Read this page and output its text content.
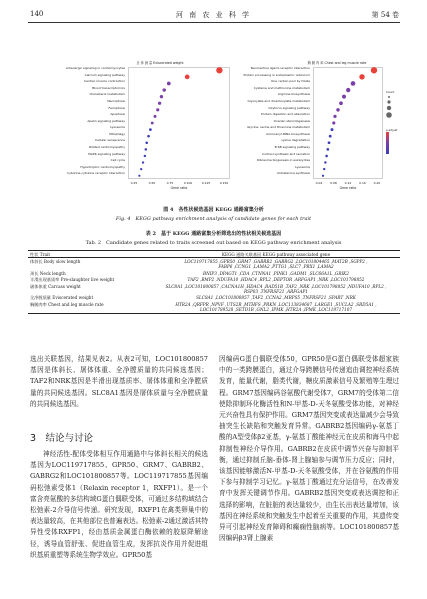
140	河 南 农 业 科 学	第 54 卷
全 体 测 量 Eviscerated weight
Adrenergic signaling in cardiomyocytes
Calcium signaling pathway
Cardiac muscle contraction
Blood transcriptomics
Cholesterol metabolism
Necroptosis
Ferroptosis
Apoptosis
Apelin signaling pathway
Lysosome
Mitophagy
Cellular senescence
Dilated cardiomyopathy
MAPK signaling pathway
Cell cycle
Hypertrophic cardiomyopathy
Cytokine-cytokine receptor interaction
0.25	0.50	0.75	0.100	0.125	0.150
Gene ratio
胸 腿 肉 率 Chest and leg muscle rate
Neuroactive ligand-receptor interaction
Protein processing in endoplasmic reticulum
One carbon pool by folate
Cysteine and methionine metabolism
Arginine biosynthesis
Glyoxylate and dicarboxylate metabolism
Oxytocin signaling pathway
Protein digestion and absorption
Ovarian steroidogenesis
Glycine, serine and threonine metabolism
Aminoacyl-tRNA biosynthesis
Lysine degradation
ErbB signaling pathway
Cortisol synthesis and secretion
Ribosome biogenesis in eukaryotes
Lysosome
Aldosterone synthesis
0.04	0.08	0.12	0.16	0.20
Gene ratio
Count
p.adjust
图 4　各性状候选基因 KEGG 通路富集分析
Fig. 4　KEGG pathway enrichment analysis of candidate genes for each trait
表 2　基于 KEGG 通路富集分析筛选出的性状相关候选基因
Tab. 2　Candidate genes related to traits screened out based on KEGG pathway enrichment analysis
性状 Trait	KEGG 通路关联基因 KEGG pathway associated gene
体斜长 Body slow length	LOC119717855 ,GPR50 ,GRM7 ,GABRB2 ,GABRG2 ,LOC101804465 ,MAT2B ,SGPP2 ,
FABP6 ,CCNG1 ,LAMA2 ,PTTG1 ,SLC7 ,PRX1 ,LAMA2
颈长 Neck length	BNIP3 ,DPAGT1 ,CDA ,CTNNA1 ,PINK1 ,GADM1 ,SLC66A1L ,GRIK2
半滑出现基质率 Pre-slaughter live weight	TAF2 ,BMP2 ,NDUFA10 ,HDAC4 ,RPL2 ,DEPTOR ,ARFGAP1 ,NRK ,LOC101798852
屠体体重 Carcass weight	SLC8A1 ,LOC101800857 ,CACNA1H ,HDAC4 ,RAD51B ,TAF2 ,NRK ,LOC101798852 ,NDUFA10 ,RPL2 ,
RSP03 ,TNFRSF21 ,ARFGAP1
全净膛质量 Eviscerated weight	SLC8A1 ,LOC101800857 ,TAF2 ,CCNA2 ,MRPS5 ,TNFRSF21 ,SPART ,NRK
胸腿肉率 Chest and leg muscle rate	HTR2A ,QRFPR ,NPVF ,UTS2R ,MTHFS ,PRKN ,LOC113834687 ,LARGE1 ,SUCLA2 ,SRD5A1 ,
LOC101789528 ,SETD1B ,GNL2 ,IPMK ,HTR2A ,IPMK ,LOC119717107
选出关联基因，结果见表2。从表2可知，LOC101800857基因是体斜长、屠体体重、全净膛质量的共同候选基因；TAF2和NRK基因是半滑出现基质率、屠体体重和全净膛质量的共同候选基因。SLC8A1基因是屠体质量与全净膛质量的共同候选基因。
3　结论与讨论
神经活性-配体受体相互作用通路中与体斜长相关的候选基因为LOC119717855、GPR50、GRM7、GABRB2、GABRG2和LOC101800857等。LOC119717855基因编码松弛素受体1（Relaxin receptor 1，RXFP1）。是一个富含亮氨酸的多结构域G蛋白偶联受体，可通过多结构域结合松弛素-2介导信号传递。研究发现，RXFP1在禽类卵巢中的表达量较高，在其他部位也普遍表达。松弛素-2通过激活其特异性受体RXFP1，经由基质金属蛋白酶依赖的胶原降解途径，诱导血管舒张、促进血管生成，发挥抗炎作用并促进组织基质重塑等系统生物学效应。GPR50基
因编码G蛋白偶联受体50，GPR50是G蛋白偶联受体超家族中的一类跨膜蛋白，通过介导跨膜信号传递追由调控神经系统发育，能量代谢，脂类代谢，糖皮质激素信号及繁殖等生理过程。GRM7基因编码谷氨酸代谢受体7，GRM7的受体第二信使除抑制环化酶活性和N-甲基-D-天冬氨酸受体功能，对神经元兴奋性具有保护作用。GRM7基因突变或表达量减少会导致抽突生长缺陷和突触发育异常。GABRB2基因编码γ-氨基丁酸的A型受体β2亚基，γ-氨基丁酸能神经元在皮质和海马中起抑制性神经介导作用。GABRB2在皮质中调节兴奋与抑制平衡，通过抑制丘脑-垂体-肾上腺轴参与调节压力反应；同时，该基因能够激活N-甲基-D-天冬氨酸受体，并在谷氨酸的作用下参与抑制学习记忆。γ-氨基丁酸通过充分运信号，在改善发育中发挥关键调节作用。GABRB2基因突变或表达调控和正选择的影响，在脏脏的表达量较少，由生长出表达量增加，该基因在神经系统和突触发生中起着至关重要的作用，其遗传变异可引起神经发育障碍和癫痫性脑病等。LOC101800857基因编码β3肾上腺素
